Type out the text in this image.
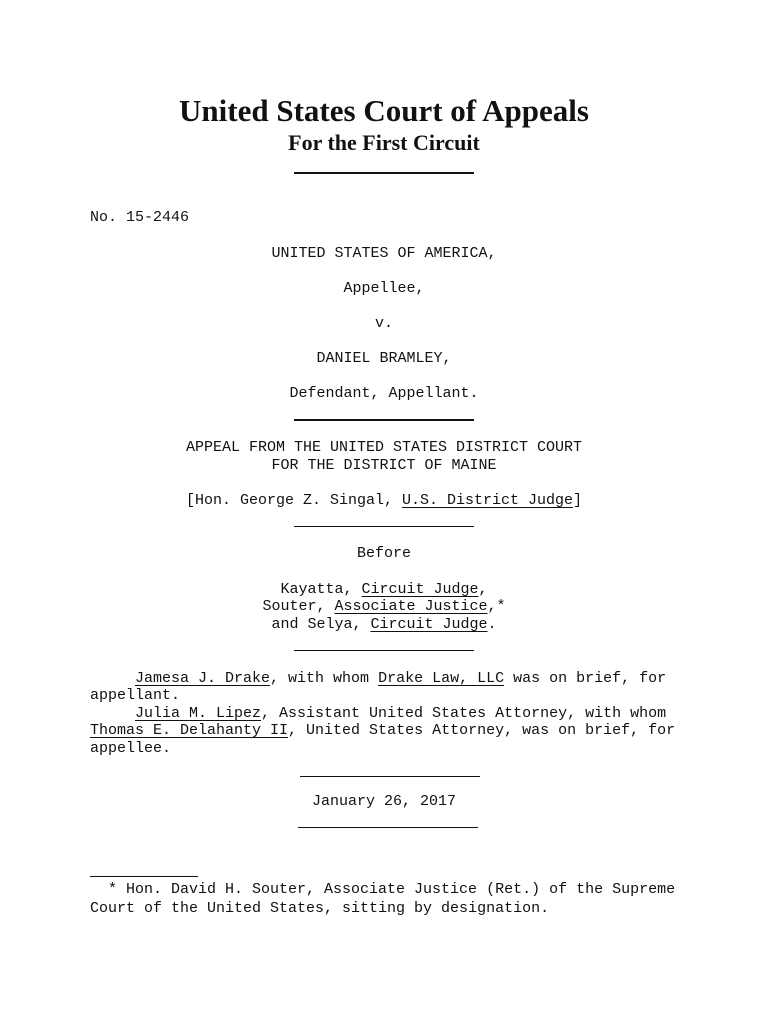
United States Court of Appeals
For the First Circuit

No. 15-2446

UNITED STATES OF AMERICA,

Appellee,

v.

DANIEL BRAMLEY,

Defendant, Appellant.

APPEAL FROM THE UNITED STATES DISTRICT COURT

FOR THE DISTRICT OF MAINE

[Hon. George Z. Singal, U.S. District Judge]

Before

Kayatta, Circuit Judge,

Souter, Associate Justice,*

and Selya, Circuit Judge.

Jamesa J. Drake, with whom Drake Law, LLC was on brief, for

appellant.

Julia M. Lipez, Assistant United States Attorney, with whom

Thomas E. Delahanty II, United States Attorney, was on brief, for

appellee.

January 26, 2017

* Hon. David H. Souter, Associate Justice (Ret.) of the Supreme

Court of the United States, sitting by designation.
